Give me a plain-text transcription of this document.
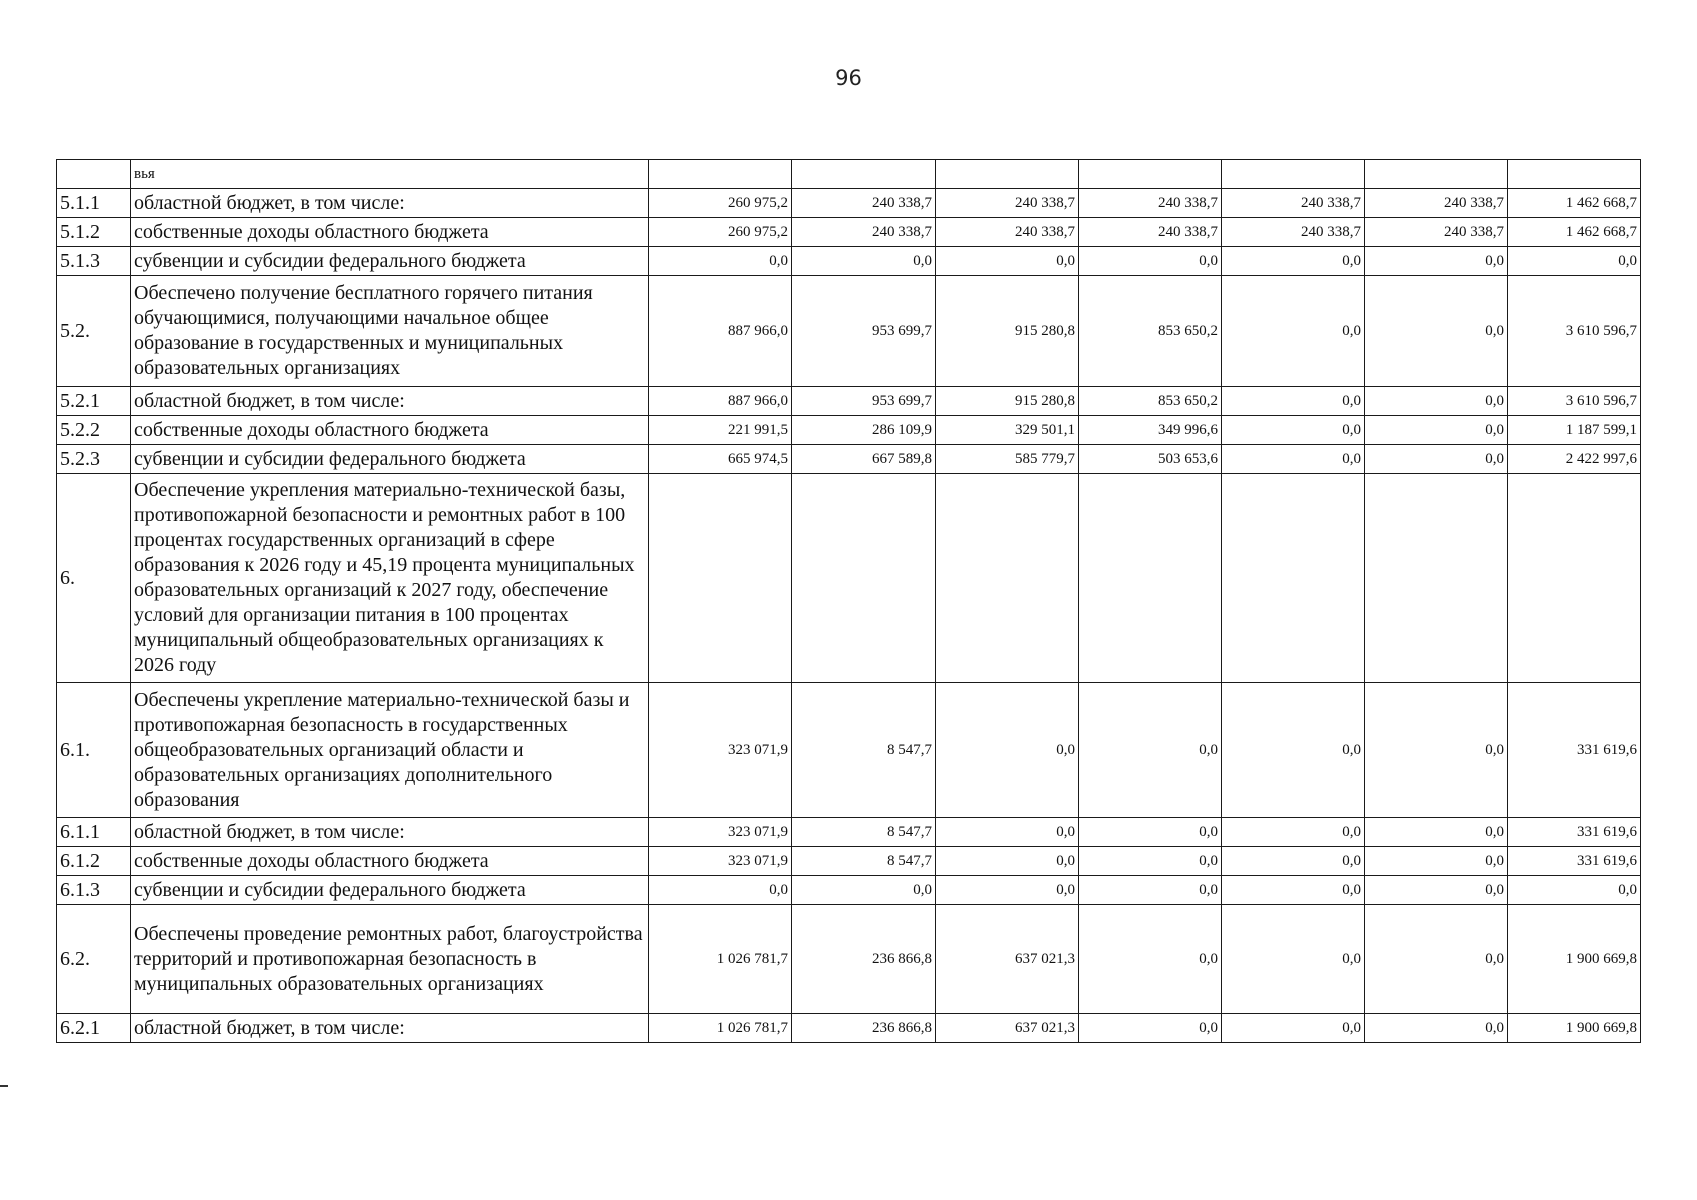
96
	вья							
5.1.1	областной бюджет, в том числе:	260 975,2	240 338,7	240 338,7	240 338,7	240 338,7	240 338,7	1 462 668,7
5.1.2	собственные доходы областного бюджета	260 975,2	240 338,7	240 338,7	240 338,7	240 338,7	240 338,7	1 462 668,7
5.1.3	субвенции и субсидии федерального бюджета	0,0	0,0	0,0	0,0	0,0	0,0	0,0
5.2.	Обеспечено получение бесплатного горячего питания обучающимися, получающими начальное общее образование в государственных и муниципальных образовательных организациях	887 966,0	953 699,7	915 280,8	853 650,2	0,0	0,0	3 610 596,7
5.2.1	областной бюджет, в том числе:	887 966,0	953 699,7	915 280,8	853 650,2	0,0	0,0	3 610 596,7
5.2.2	собственные доходы областного бюджета	221 991,5	286 109,9	329 501,1	349 996,6	0,0	0,0	1 187 599,1
5.2.3	субвенции и субсидии федерального бюджета	665 974,5	667 589,8	585 779,7	503 653,6	0,0	0,0	2 422 997,6
6.	Обеспечение укрепления материально-технической базы, противопожарной безопасности и ремонтных работ в 100 процентах государственных организаций в сфере образования к 2026 году и 45,19 процента муниципальных образовательных организаций к 2027 году, обеспечение условий для организации питания в 100 процентах муниципальный общеобразовательных организациях к 2026 году							
6.1.	Обеспечены укрепление материально-технической базы и противопожарная безопасность в государственных общеобразовательных организаций области и образовательных организациях дополнительного образования	323 071,9	8 547,7	0,0	0,0	0,0	0,0	331 619,6
6.1.1	областной бюджет, в том числе:	323 071,9	8 547,7	0,0	0,0	0,0	0,0	331 619,6
6.1.2	собственные доходы областного бюджета	323 071,9	8 547,7	0,0	0,0	0,0	0,0	331 619,6
6.1.3	субвенции и субсидии федерального бюджета	0,0	0,0	0,0	0,0	0,0	0,0	0,0
6.2.	Обеспечены проведение ремонтных работ, благоустройства территорий и противопожарная безопасность в муниципальных образовательных организациях	1 026 781,7	236 866,8	637 021,3	0,0	0,0	0,0	1 900 669,8
6.2.1	областной бюджет, в том числе:	1 026 781,7	236 866,8	637 021,3	0,0	0,0	0,0	1 900 669,8
